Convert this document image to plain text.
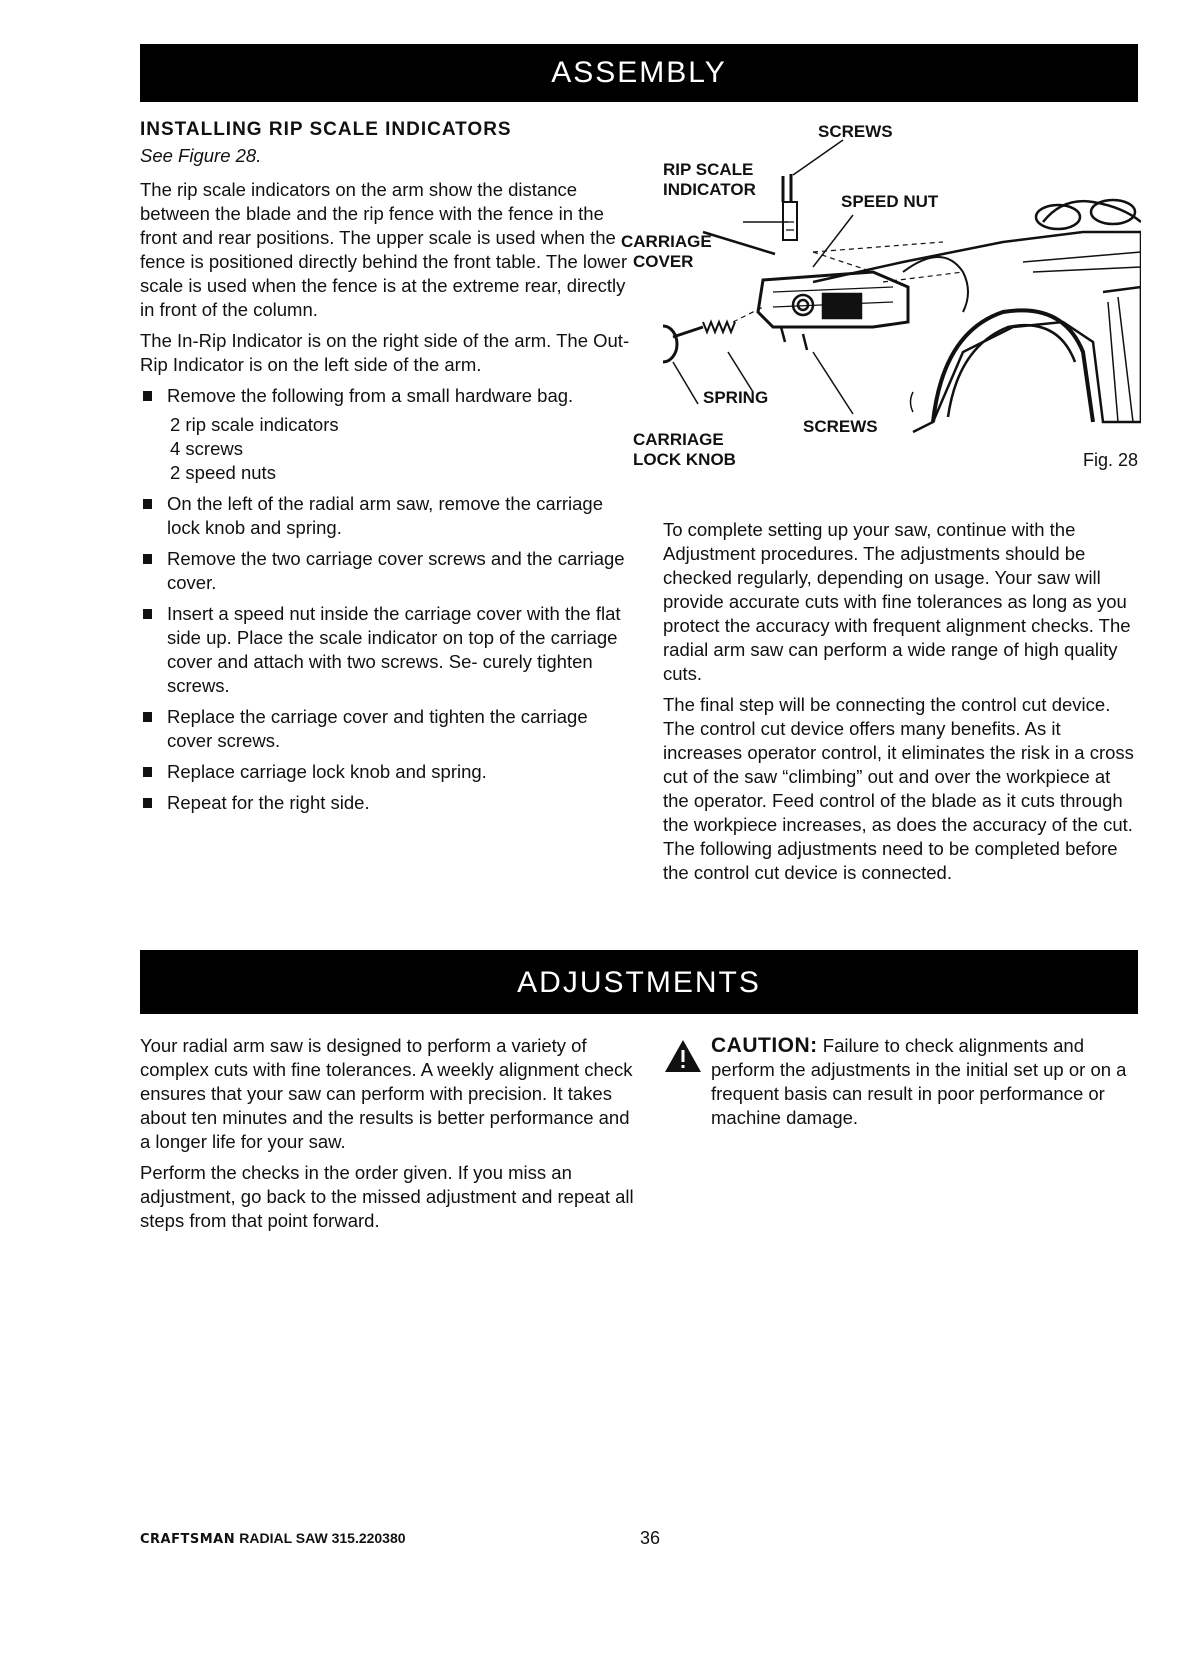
ASSEMBLY
INSTALLING RIP SCALE INDICATORS
See Figure 28.

The rip scale indicators on the arm show the distance between the blade and the rip fence with the fence in the front and rear positions. The upper scale is used when the fence is positioned directly behind the front table. The lower scale is used when the fence is at the extreme rear, directly in front of the column.

The In-Rip Indicator is on the right side of the arm. The Out-Rip Indicator is on the left side of the arm.

Remove the following from a small hardware bag.
2 rip scale indicators
4 screws
2 speed nuts
On the left of the radial arm saw, remove the carriage lock knob and spring.
Remove the two carriage cover screws and the carriage cover.
Insert a speed nut inside the carriage cover with the flat side up. Place the scale indicator on top of the carriage cover and attach with two screws. Se- curely tighten screws.
Replace the carriage cover and tighten the carriage cover screws.
Replace carriage lock knob and spring.
Repeat for the right side.
SCREWS
RIP SCALE
INDICATOR
SPEED NUT
CARRIAGE
COVER
SPRING
SCREWS
CARRIAGE
LOCK KNOB	Fig. 28

To complete setting up your saw, continue with the Adjustment procedures. The adjustments should be checked regularly, depending on usage. Your saw will provide accurate cuts with fine tolerances as long as you protect the accuracy with frequent alignment checks. The radial arm saw can perform a wide range of high quality cuts.

The final step will be connecting the control cut device. The control cut device offers many benefits. As it increases operator control, it eliminates the risk in a cross cut of the saw “climbing” out and over the workpiece at the operator. Feed control of the blade as it cuts through the workpiece increases, as does the accuracy of the cut. The following adjustments need to be completed before the control cut device is connected.

ADJUSTMENTS

Your radial arm saw is designed to perform a variety of complex cuts with fine tolerances. A weekly alignment check ensures that your saw can perform with precision. It takes about ten minutes and the results is better performance and a longer life for your saw.

Perform the checks in the order given. If you miss an adjustment, go back to the missed adjustment and repeat all steps from that point forward.

CAUTION: Failure to check alignments and perform the adjustments in the initial set up or on a frequent basis can result in poor performance or machine damage.
CRAFTSMAN RADIAL SAW 315.220380	36
